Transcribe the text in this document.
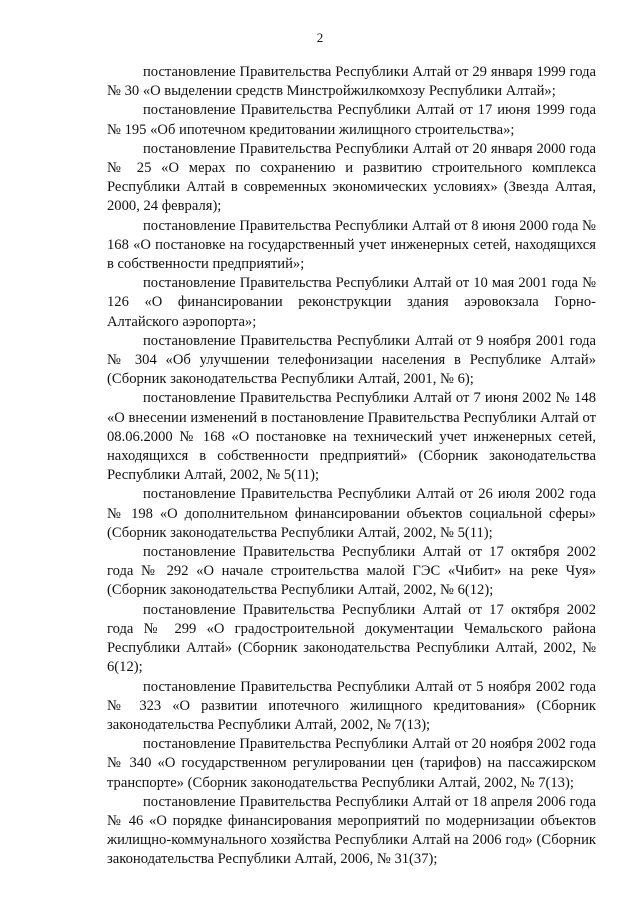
2

постановление Правительства Республики Алтай от 29 января 1999 года № 30 «О выделении средств Минстройжилкомхозу Республики Алтай»;

постановление Правительства Республики Алтай от 17 июня 1999 года № 195 «Об ипотечном кредитовании жилищного строительства»;

постановление Правительства Республики Алтай от 20 января 2000 года № 25 «О мерах по сохранению и развитию строительного комплекса Республики Алтай в современных экономических условиях» (Звезда Алтая, 2000, 24 февраля);

постановление Правительства Республики Алтай от 8 июня 2000 года № 168 «О постановке на государственный учет инженерных сетей, находящихся в собственности предприятий»;

постановление Правительства Республики Алтай от 10 мая 2001 года № 126 «О финансировании реконструкции здания аэровокзала Горно-Алтайского аэропорта»;

постановление Правительства Республики Алтай от 9 ноября 2001 года № 304 «Об улучшении телефонизации населения в Республике Алтай» (Сборник законодательства Республики Алтай, 2001, № 6);

постановление Правительства Республики Алтай от 7 июня 2002 № 148 «О внесении изменений в постановление Правительства Республики Алтай от 08.06.2000 № 168 «О постановке на технический учет инженерных сетей, находящихся в собственности предприятий» (Сборник законодательства Республики Алтай, 2002, № 5(11);

постановление Правительства Республики Алтай от 26 июля 2002 года № 198 «О дополнительном финансировании объектов социальной сферы» (Сборник законодательства Республики Алтай, 2002, № 5(11);

постановление Правительства Республики Алтай от 17 октября 2002 года № 292 «О начале строительства малой ГЭС «Чибит» на реке Чуя» (Сборник законодательства Республики Алтай, 2002, № 6(12);

постановление Правительства Республики Алтай от 17 октября 2002 года № 299 «О градостроительной документации Чемальского района Республики Алтай» (Сборник законодательства Республики Алтай, 2002, № 6(12);

постановление Правительства Республики Алтай от 5 ноября 2002 года № 323 «О развитии ипотечного жилищного кредитования» (Сборник законодательства Республики Алтай, 2002, № 7(13);

постановление Правительства Республики Алтай от 20 ноября 2002 года № 340 «О государственном регулировании цен (тарифов) на пассажирском транспорте» (Сборник законодательства Республики Алтай, 2002, № 7(13);

постановление Правительства Республики Алтай от 18 апреля 2006 года № 46 «О порядке финансирования мероприятий по модернизации объектов жилищно-коммунального хозяйства Республики Алтай на 2006 год» (Сборник законодательства Республики Алтай, 2006, № 31(37);
